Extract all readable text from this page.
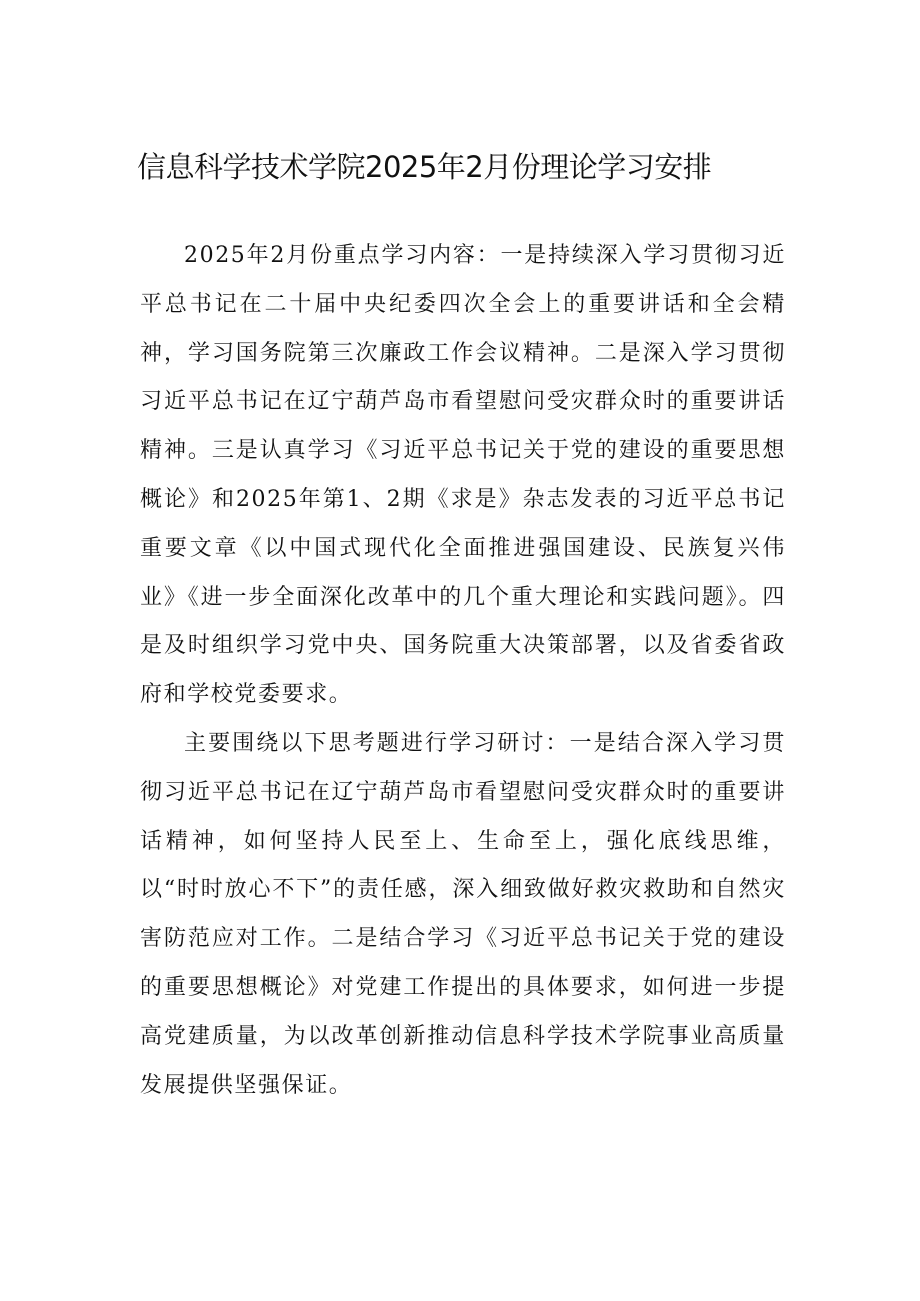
信息科学技术学院2025年2月份理论学习安排

2025年2月份重点学习内容：一是持续深入学习贯彻习近平总书记在二十届中央纪委四次全会上的重要讲话和全会精神，学习国务院第三次廉政工作会议精神。二是深入学习贯彻习近平总书记在辽宁葫芦岛市看望慰问受灾群众时的重要讲话精神。三是认真学习《习近平总书记关于党的建设的重要思想概论》和2025年第1、2期《求是》杂志发表的习近平总书记重要文章《以中国式现代化全面推进强国建设、民族复兴伟业》《进一步全面深化改革中的几个重大理论和实践问题》。四是及时组织学习党中央、国务院重大决策部署，以及省委省政府和学校党委要求。

主要围绕以下思考题进行学习研讨：一是结合深入学习贯彻习近平总书记在辽宁葫芦岛市看望慰问受灾群众时的重要讲话精神，如何坚持人民至上、生命至上，强化底线思维，以“时时放心不下”的责任感，深入细致做好救灾救助和自然灾害防范应对工作。二是结合学习《习近平总书记关于党的建设的重要思想概论》对党建工作提出的具体要求，如何进一步提高党建质量，为以改革创新推动信息科学技术学院事业高质量发展提供坚强保证。
